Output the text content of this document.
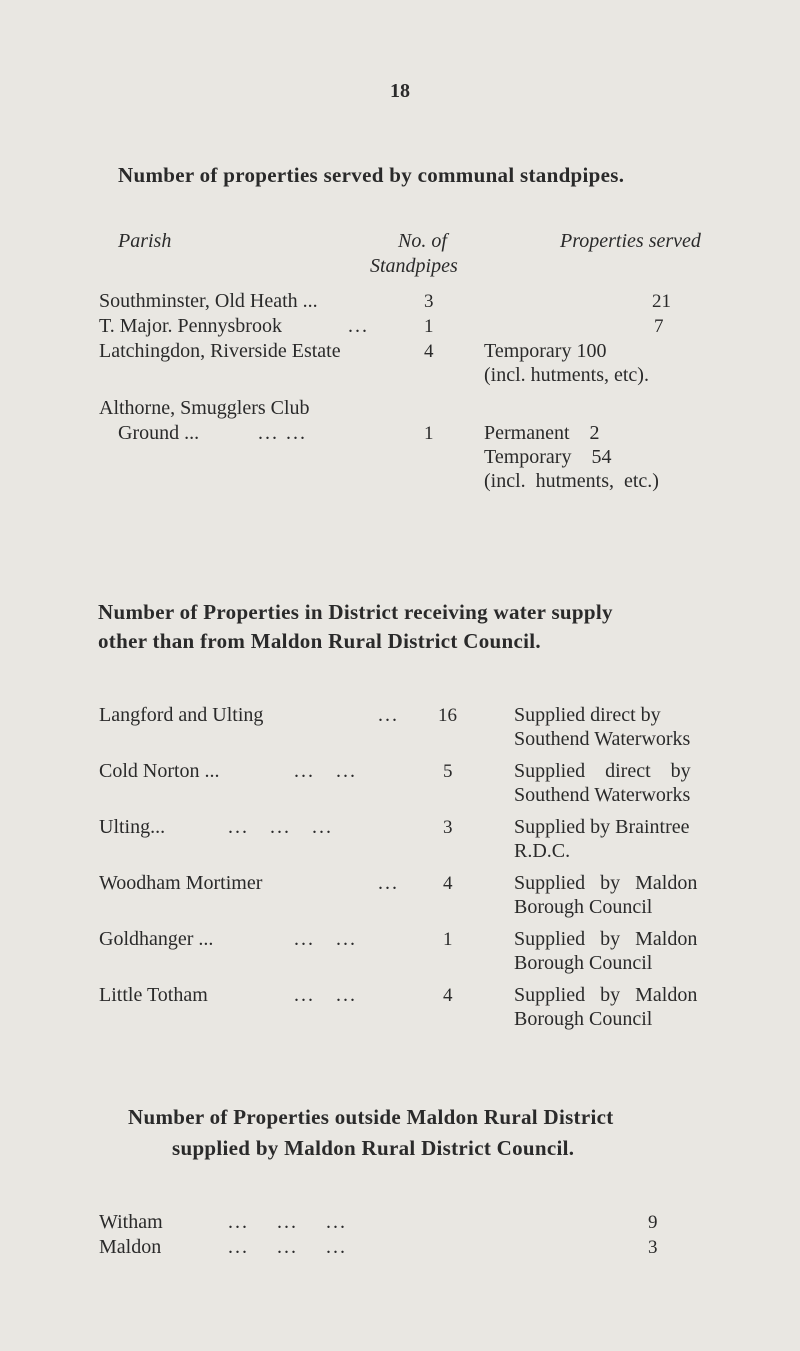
18
Number of properties served by communal standpipes.
Parish	No. of
Standpipes
Properties served
Southminster, Old Heath ...	3	21
T. Major. Pennysbrook	...	1	7
Latchingdon, Riverside Estate	4	Temporary 100
(incl. hutments, etc).
Althorne, Smugglers Club
Ground ...	... ...	1	Permanent    2
Temporary    54
(incl.  hutments,  etc.)
Number of Properties in District receiving water supply
other than from Maldon Rural District Council.
Langford and Ulting	... 16	Supplied direct by
Southend Waterworks
Cold Norton ...	...   ...	5	Supplied    direct    by
Southend Waterworks
Ulting...	...   ...   ...	3	Supplied by Braintree
R.D.C.
Woodham Mortimer	... 4	Supplied   by   Maldon
Borough Council
Goldhanger ...	...   ...	1	Supplied   by   Maldon
Borough Council
Little Totham	...   ...	4	Supplied   by   Maldon
Borough Council
Number of Properties outside Maldon Rural District
supplied by Maldon Rural District Council.
Witham	...    ...    ...	9
Maldon	...    ...    ...	3
